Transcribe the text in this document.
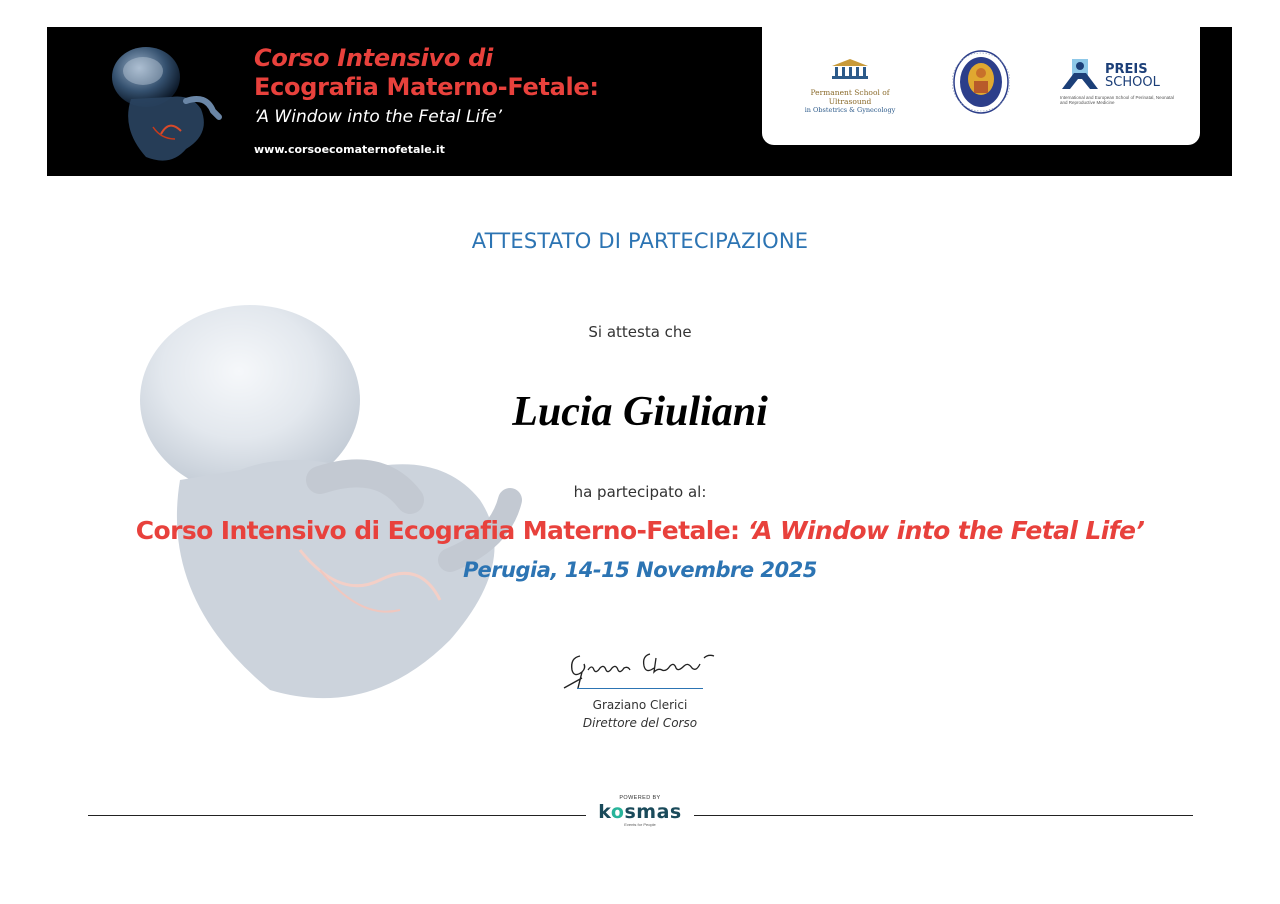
Corso Intensivo di
Ecografia Materno-Fetale:
‘A Window into the Fetal Life’
www.corsoecomaternofetale.it
Permanent School of Ultrasound
in Obstetrics & Gynecology
PREIS
SCHOOL
International and European School of Perinatal, Neonatal and Reproductive Medicine
ATTESTATO DI PARTECIPAZIONE
Si attesta che
Lucia Giuliani
ha partecipato al:
Corso Intensivo di Ecografia Materno-Fetale: ‘A Window into the Fetal Life’
Perugia, 14-15 Novembre 2025
Graziano Clerici
Direttore del Corso
POWERED BY
kosmas
Events for People
